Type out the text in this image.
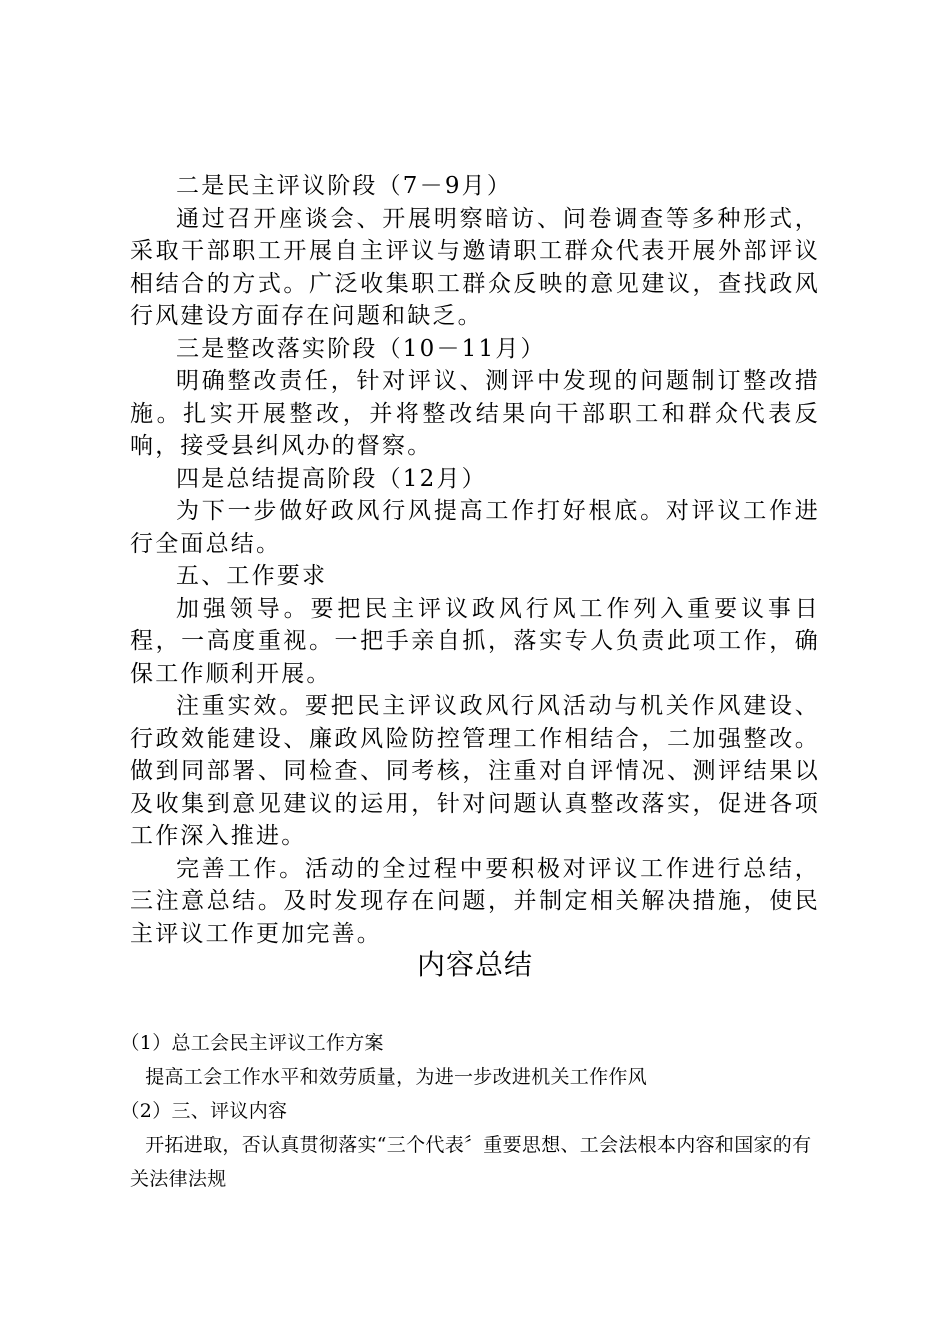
二是民主评议阶段（7－9月）

通过召开座谈会、开展明察暗访、问卷调查等多种形式，采取干部职工开展自主评议与邀请职工群众代表开展外部评议相结合的方式。广泛收集职工群众反映的意见建议，查找政风行风建设方面存在问题和缺乏。

三是整改落实阶段（10－11月）

明确整改责任，针对评议、测评中发现的问题制订整改措施。扎实开展整改，并将整改结果向干部职工和群众代表反响，接受县纠风办的督察。

四是总结提高阶段（12月）

为下一步做好政风行风提高工作打好根底。对评议工作进行全面总结。

五、工作要求

加强领导。要把民主评议政风行风工作列入重要议事日程，一高度重视。一把手亲自抓，落实专人负责此项工作，确保工作顺利开展。

注重实效。要把民主评议政风行风活动与机关作风建设、行政效能建设、廉政风险防控管理工作相结合，二加强整改。做到同部署、同检查、同考核，注重对自评情况、测评结果以及收集到意见建议的运用，针对问题认真整改落实，促进各项工作深入推进。

完善工作。活动的全过程中要积极对评议工作进行总结，三注意总结。及时发现存在问题，并制定相关解决措施，使民主评议工作更加完善。

内容总结

（1）总工会民主评议工作方案

提高工会工作水平和效劳质量，为进一步改进机关工作作风

（2）三、评议内容

开拓进取，否认真贯彻落实“三个代表〞重要思想、工会法根本内容和国家的有关法律法规
